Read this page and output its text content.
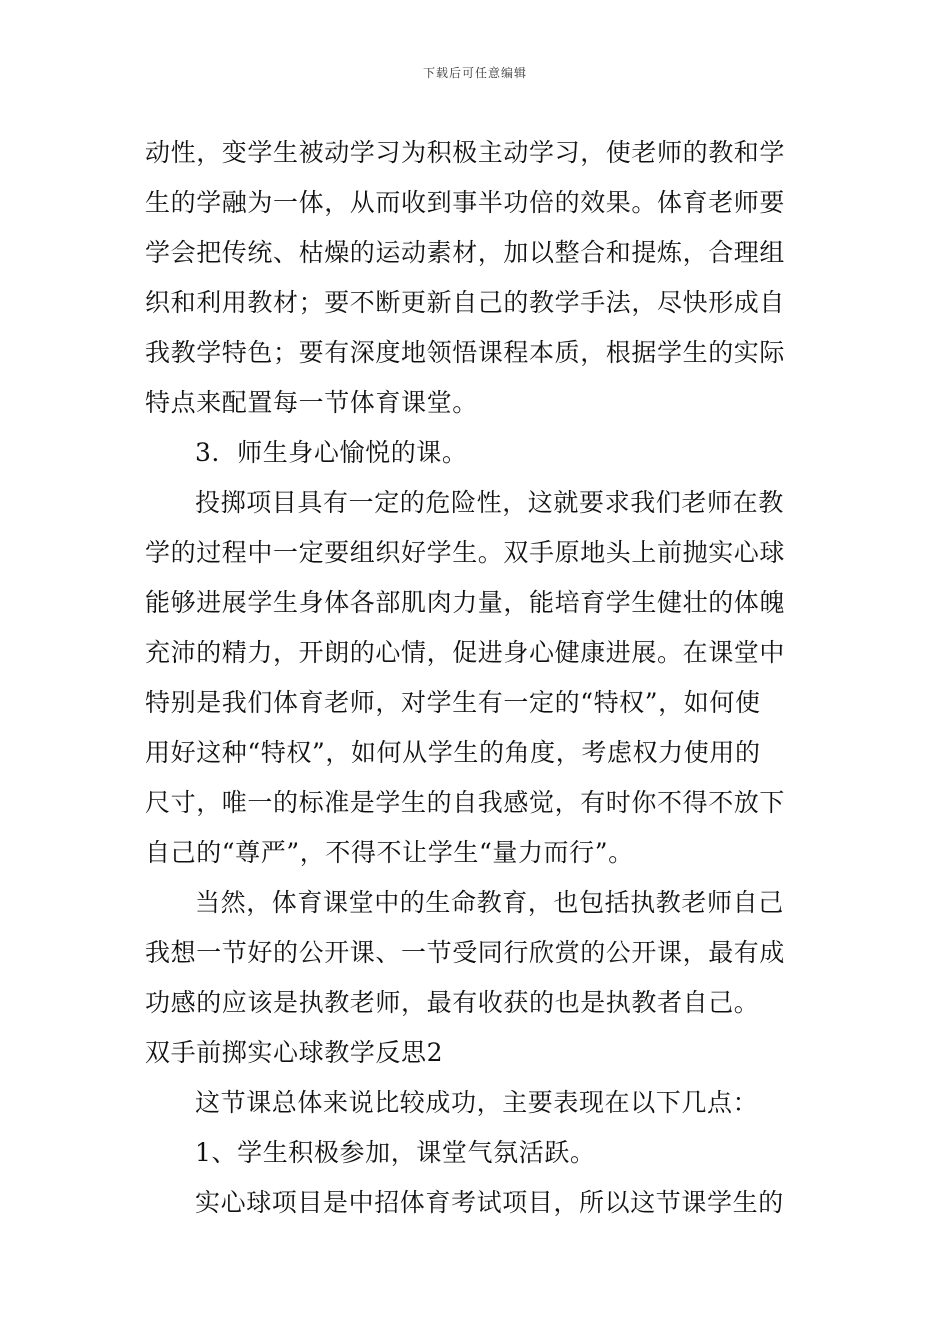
下载后可任意编辑
动性，变学生被动学习为积极主动学习，使老师的教和学
生的学融为一体，从而收到事半功倍的效果。体育老师要
学会把传统、枯燥的运动素材，加以整合和提炼，合理组
织和利用教材；要不断更新自己的教学手法，尽快形成自
我教学特色；要有深度地领悟课程本质，根据学生的实际
特点来配置每一节体育课堂。
3．师生身心愉悦的课。
投掷项目具有一定的危险性，这就要求我们老师在教
学的过程中一定要组织好学生。双手原地头上前抛实心球
能够进展学生身体各部肌肉力量，能培育学生健壮的体魄
充沛的精力，开朗的心情，促进身心健康进展。在课堂中
特别是我们体育老师，对学生有一定的“特权”，如何使
用好这种“特权”，如何从学生的角度，考虑权力使用的
尺寸，唯一的标准是学生的自我感觉，有时你不得不放下
自己的“尊严”，不得不让学生“量力而行”。
当然，体育课堂中的生命教育，也包括执教老师自己
我想一节好的公开课、一节受同行欣赏的公开课，最有成
功感的应该是执教老师，最有收获的也是执教者自己。
双手前掷实心球教学反思2
这节课总体来说比较成功，主要表现在以下几点：
1、学生积极参加，课堂气氛活跃。
实心球项目是中招体育考试项目，所以这节课学生的
